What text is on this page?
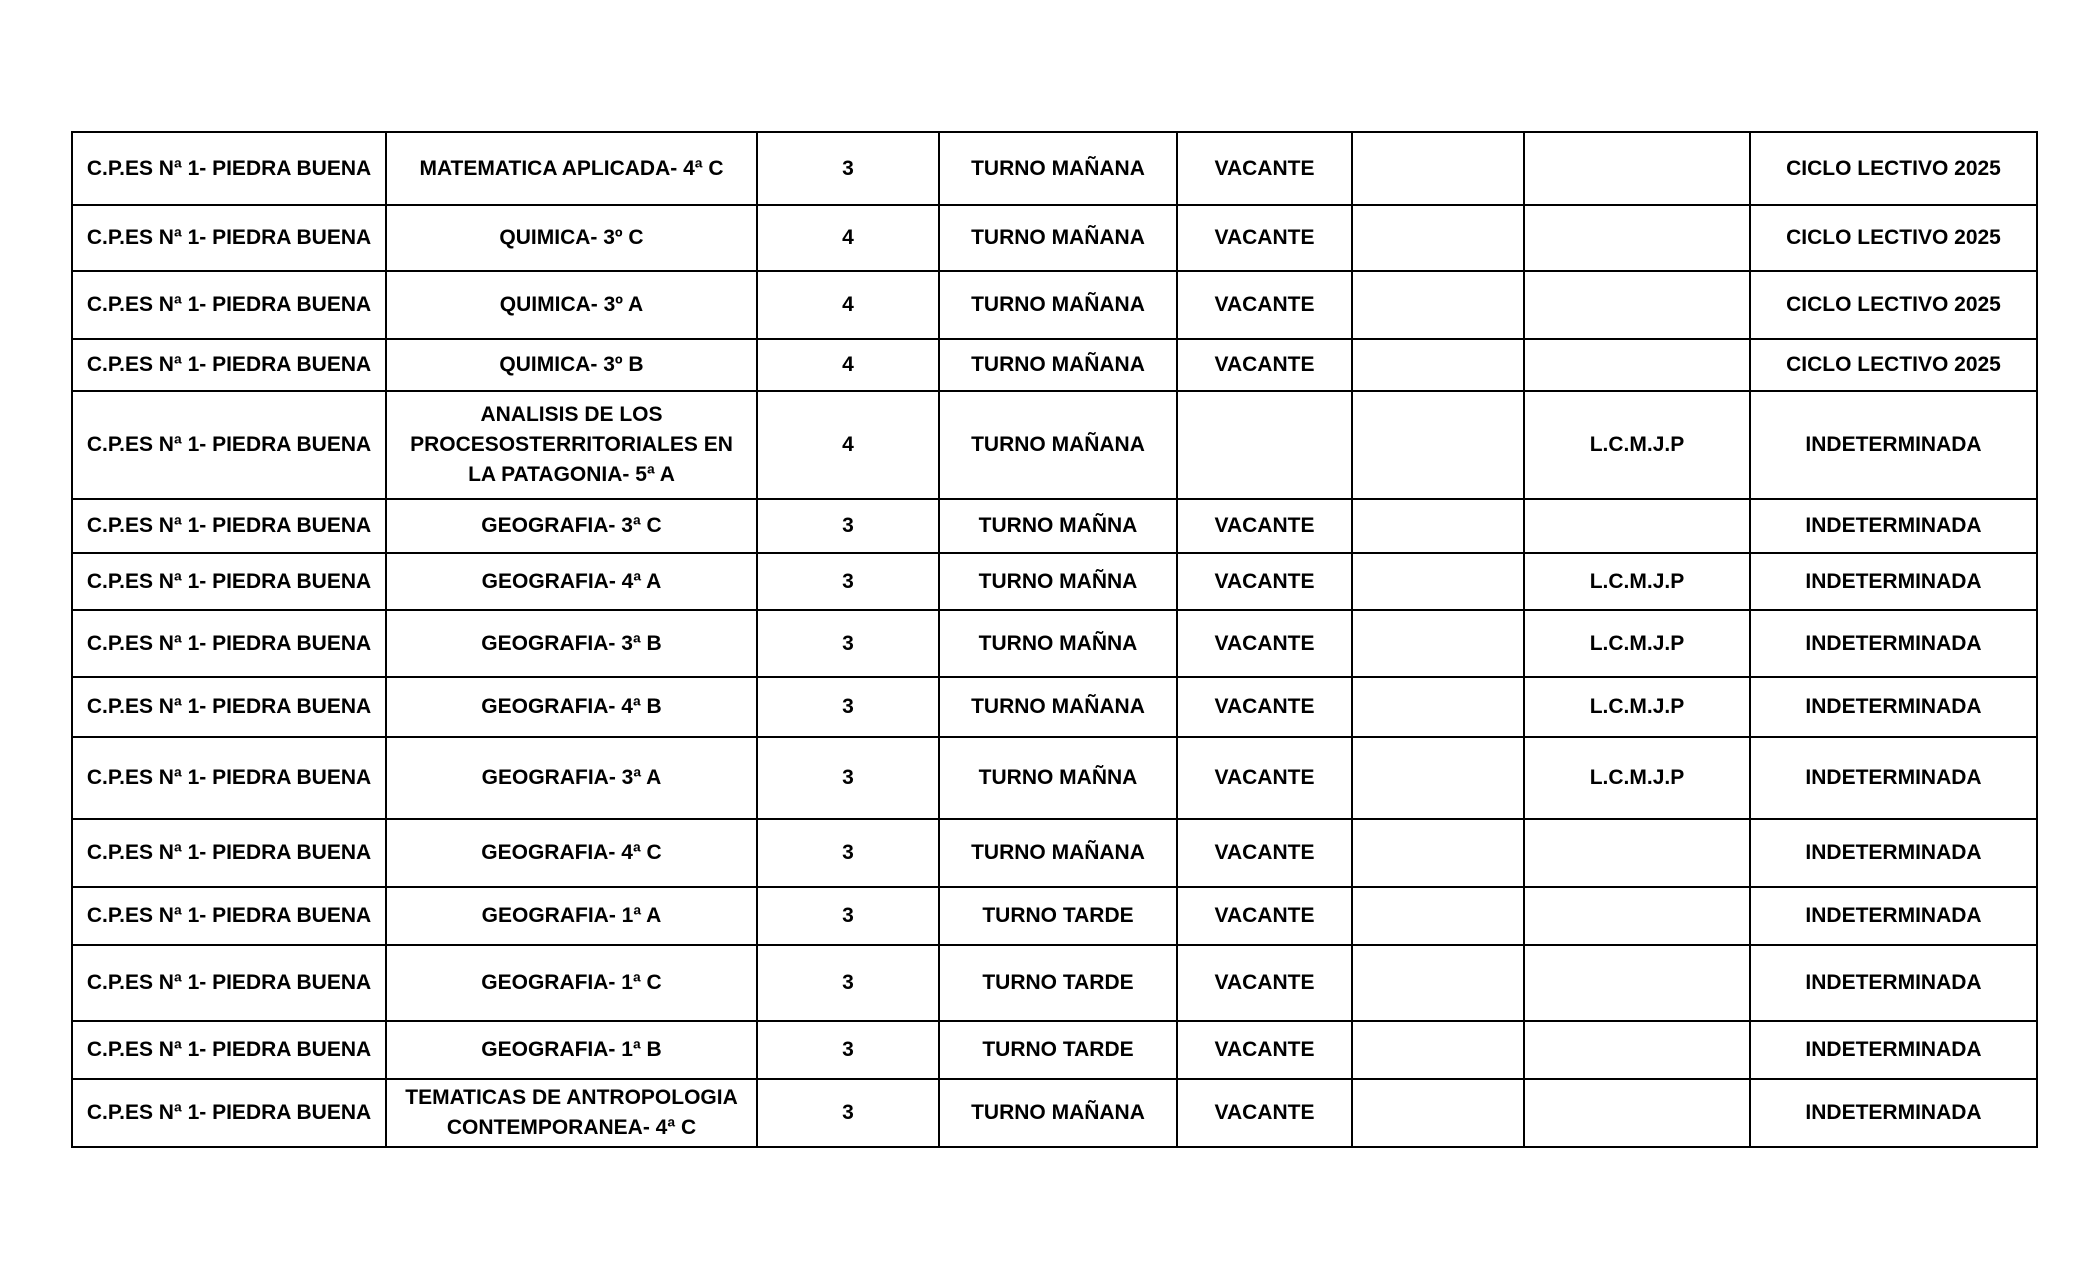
C.P.ES Nª 1- PIEDRA BUENA	MATEMATICA APLICADA- 4ª C	3	TURNO MAÑANA	VACANTE			CICLO LECTIVO 2025
C.P.ES Nª 1- PIEDRA BUENA	QUIMICA- 3º C	4	TURNO MAÑANA	VACANTE			CICLO LECTIVO 2025
C.P.ES Nª 1- PIEDRA BUENA	QUIMICA- 3º A	4	TURNO MAÑANA	VACANTE			CICLO LECTIVO 2025
C.P.ES Nª 1- PIEDRA BUENA	QUIMICA- 3º B	4	TURNO MAÑANA	VACANTE			CICLO LECTIVO 2025
C.P.ES Nª 1- PIEDRA BUENA	ANALISIS DE LOS PROCESOSTERRITORIALES EN LA PATAGONIA- 5ª A	4	TURNO MAÑANA			L.C.M.J.P	INDETERMINADA
C.P.ES Nª 1- PIEDRA BUENA	GEOGRAFIA- 3ª C	3	TURNO MAÑNA	VACANTE			INDETERMINADA
C.P.ES Nª 1- PIEDRA BUENA	GEOGRAFIA- 4ª A	3	TURNO MAÑNA	VACANTE		L.C.M.J.P	INDETERMINADA
C.P.ES Nª 1- PIEDRA BUENA	GEOGRAFIA- 3ª B	3	TURNO MAÑNA	VACANTE		L.C.M.J.P	INDETERMINADA
C.P.ES Nª 1- PIEDRA BUENA	GEOGRAFIA- 4ª B	3	TURNO MAÑANA	VACANTE		L.C.M.J.P	INDETERMINADA
C.P.ES Nª 1- PIEDRA BUENA	GEOGRAFIA- 3ª A	3	TURNO MAÑNA	VACANTE		L.C.M.J.P	INDETERMINADA
C.P.ES Nª 1- PIEDRA BUENA	GEOGRAFIA- 4ª C	3	TURNO MAÑANA	VACANTE			INDETERMINADA
C.P.ES Nª 1- PIEDRA BUENA	GEOGRAFIA- 1ª A	3	TURNO TARDE	VACANTE			INDETERMINADA
C.P.ES Nª 1- PIEDRA BUENA	GEOGRAFIA- 1ª C	3	TURNO TARDE	VACANTE			INDETERMINADA
C.P.ES Nª 1- PIEDRA BUENA	GEOGRAFIA- 1ª B	3	TURNO TARDE	VACANTE			INDETERMINADA
C.P.ES Nª 1- PIEDRA BUENA	TEMATICAS DE ANTROPOLOGIA CONTEMPORANEA- 4ª C	3	TURNO MAÑANA	VACANTE			INDETERMINADA
